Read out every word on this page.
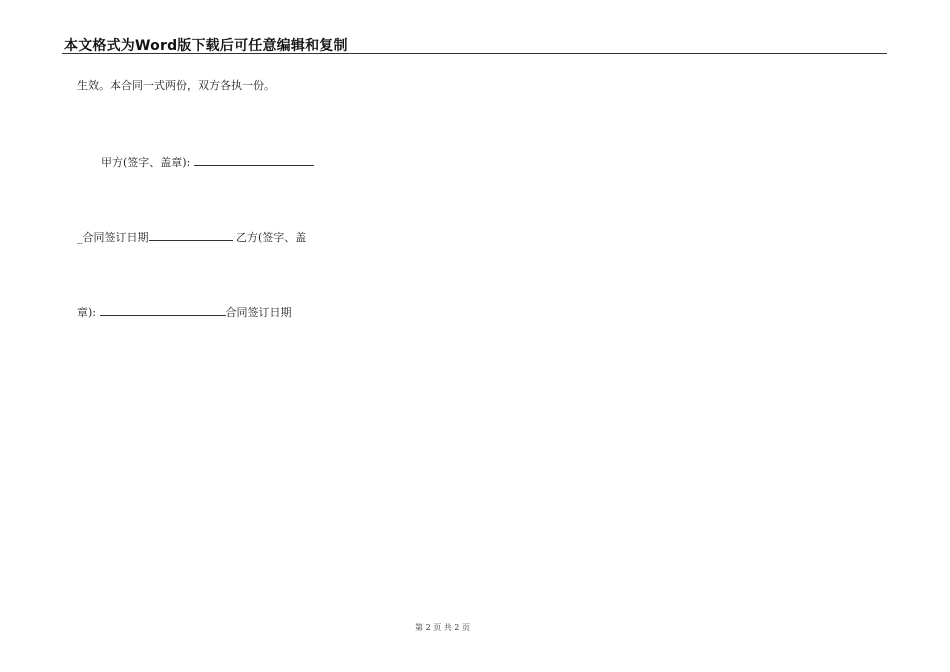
本文格式为Word版下载后可任意编辑和复制
生效。本合同一式两份，双方各执一份。
甲方(签字、盖章):
_合同签订日期	乙方(签字、盖
章):	合同签订日期
第 2 页 共 2 页
